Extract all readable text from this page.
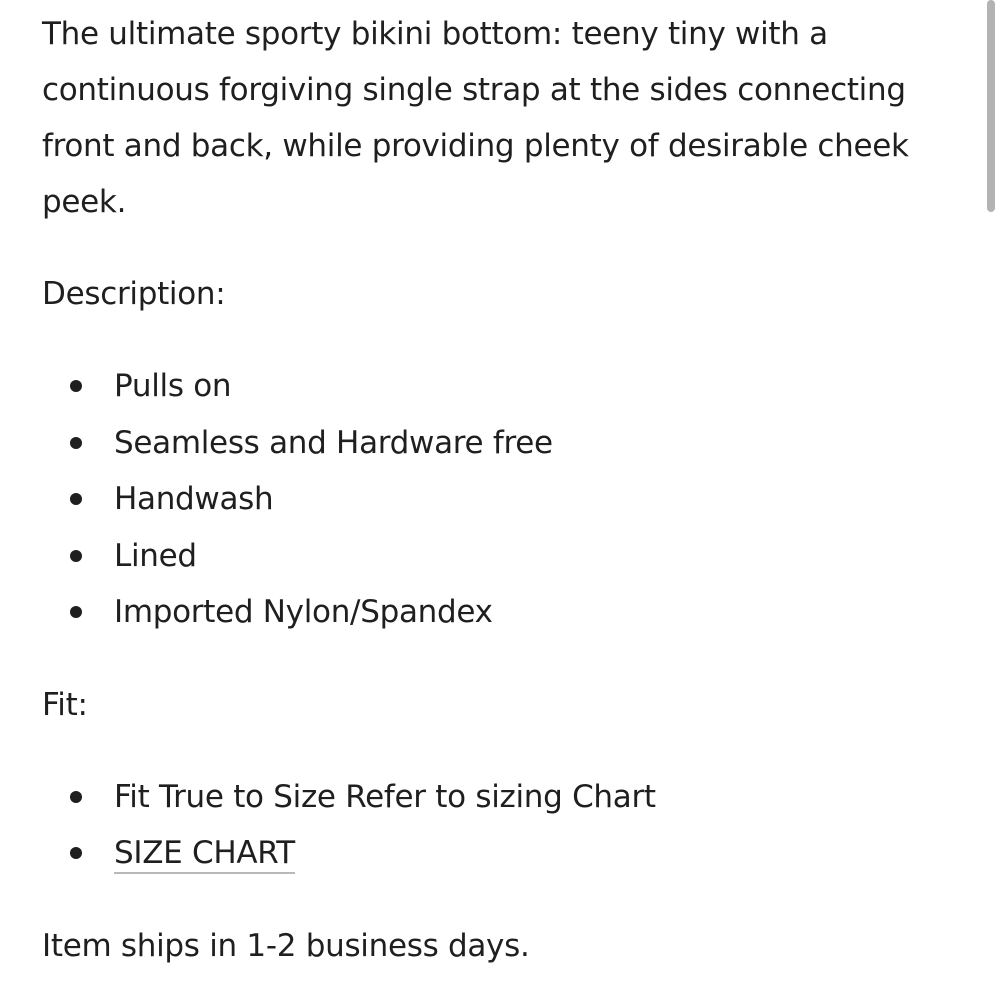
The ultimate sporty bikini bottom: teeny tiny with a continuous forgiving single strap at the sides connecting front and back, while providing plenty of desirable cheek peek.

Description:

Pulls on
Seamless and Hardware free
Handwash
Lined
Imported Nylon/Spandex

Fit:

Fit True to Size Refer to sizing Chart
SIZE CHART

Item ships in 1-2 business days.
